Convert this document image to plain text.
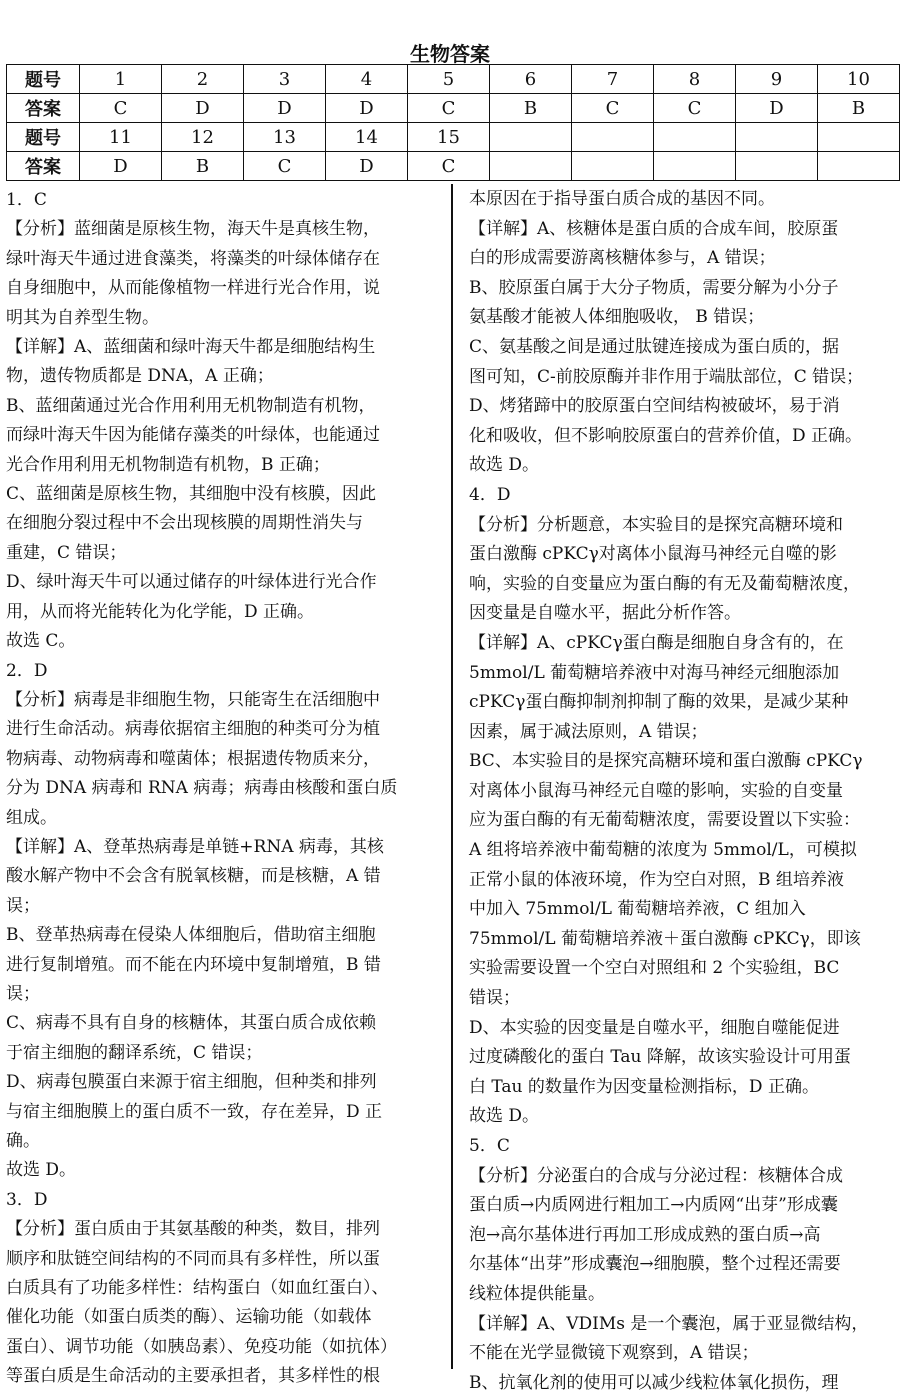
生物答案
题号	1	2	3	4	5	6	7	8	9	10
答案	C	D	D	D	C	B	C	C	D	B
题号	11	12	13	14	15					
答案	D	B	C	D	C					

1．C

【分析】蓝细菌是原核生物，海天牛是真核生物，

绿叶海天牛通过进食藻类，将藻类的叶绿体储存在

自身细胞中，从而能像植物一样进行光合作用，说

明其为自养型生物。

【详解】A、蓝细菌和绿叶海天牛都是细胞结构生

物，遗传物质都是 DNA，A 正确；

B、蓝细菌通过光合作用利用无机物制造有机物，

而绿叶海天牛因为能储存藻类的叶绿体，也能通过

光合作用利用无机物制造有机物，B 正确；

C、蓝细菌是原核生物，其细胞中没有核膜，因此

在细胞分裂过程中不会出现核膜的周期性消失与

重建，C 错误；

D、绿叶海天牛可以通过储存的叶绿体进行光合作

用，从而将光能转化为化学能，D 正确。

故选 C。

2．D

【分析】病毒是非细胞生物，只能寄生在活细胞中

进行生命活动。病毒依据宿主细胞的种类可分为植

物病毒、动物病毒和噬菌体；根据遗传物质来分，

分为 DNA 病毒和 RNA 病毒；病毒由核酸和蛋白质

组成。

【详解】A、登革热病毒是单链+RNA 病毒，其核

酸水解产物中不会含有脱氧核糖，而是核糖，A 错

误；

B、登革热病毒在侵染人体细胞后，借助宿主细胞

进行复制增殖。而不能在内环境中复制增殖，B 错

误；

C、病毒不具有自身的核糖体，其蛋白质合成依赖

于宿主细胞的翻译系统，C 错误；

D、病毒包膜蛋白来源于宿主细胞，但种类和排列

与宿主细胞膜上的蛋白质不一致，存在差异，D 正

确。

故选 D。

3．D

【分析】蛋白质由于其氨基酸的种类，数目，排列

顺序和肽链空间结构的不同而具有多样性，所以蛋

白质具有了功能多样性：结构蛋白（如血红蛋白）、

催化功能（如蛋白质类的酶）、运输功能（如载体

蛋白）、调节功能（如胰岛素）、免疫功能（如抗体）

等蛋白质是生命活动的主要承担者，其多样性的根

本原因在于指导蛋白质合成的基因不同。

【详解】A、核糖体是蛋白质的合成车间，胶原蛋

白的形成需要游离核糖体参与，A 错误；

B、胶原蛋白属于大分子物质，需要分解为小分子

氨基酸才能被人体细胞吸收， B 错误；

C、氨基酸之间是通过肽键连接成为蛋白质的，据

图可知，C-前胶原酶并非作用于端肽部位，C 错误；

D、烤猪蹄中的胶原蛋白空间结构被破坏，易于消

化和吸收，但不影响胶原蛋白的营养价值，D 正确。

故选 D。

4．D

【分析】分析题意，本实验目的是探究高糖环境和

蛋白激酶 cPKCγ对离体小鼠海马神经元自噬的影

响，实验的自变量应为蛋白酶的有无及葡萄糖浓度，

因变量是自噬水平，据此分析作答。

【详解】A、cPKCγ蛋白酶是细胞自身含有的，在

5mmol/L 葡萄糖培养液中对海马神经元细胞添加

cPKCγ蛋白酶抑制剂抑制了酶的效果，是减少某种

因素，属于减法原则，A 错误；

BC、本实验目的是探究高糖环境和蛋白激酶 cPKCγ

对离体小鼠海马神经元自噬的影响，实验的自变量

应为蛋白酶的有无葡萄糖浓度，需要设置以下实验：

A 组将培养液中葡萄糖的浓度为 5mmol/L，可模拟

正常小鼠的体液环境，作为空白对照，B 组培养液

中加入 75mmol/L 葡萄糖培养液，C 组加入

75mmol/L 葡萄糖培养液＋蛋白激酶 cPKCγ，即该

实验需要设置一个空白对照组和 2 个实验组，BC

错误；

D、本实验的因变量是自噬水平，细胞自噬能促进

过度磷酸化的蛋白 Tau 降解，故该实验设计可用蛋

白 Tau 的数量作为因变量检测指标，D 正确。

故选 D。

5．C

【分析】分泌蛋白的合成与分泌过程：核糖体合成

蛋白质→内质网进行粗加工→内质网“出芽”形成囊

泡→高尔基体进行再加工形成成熟的蛋白质→高

尔基体“出芽”形成囊泡→细胞膜，整个过程还需要

线粒体提供能量。

【详解】A、VDIMs 是一个囊泡，属于亚显微结构，

不能在光学显微镜下观察到，A 错误；

B、抗氧化剂的使用可以减少线粒体氧化损伤，理
